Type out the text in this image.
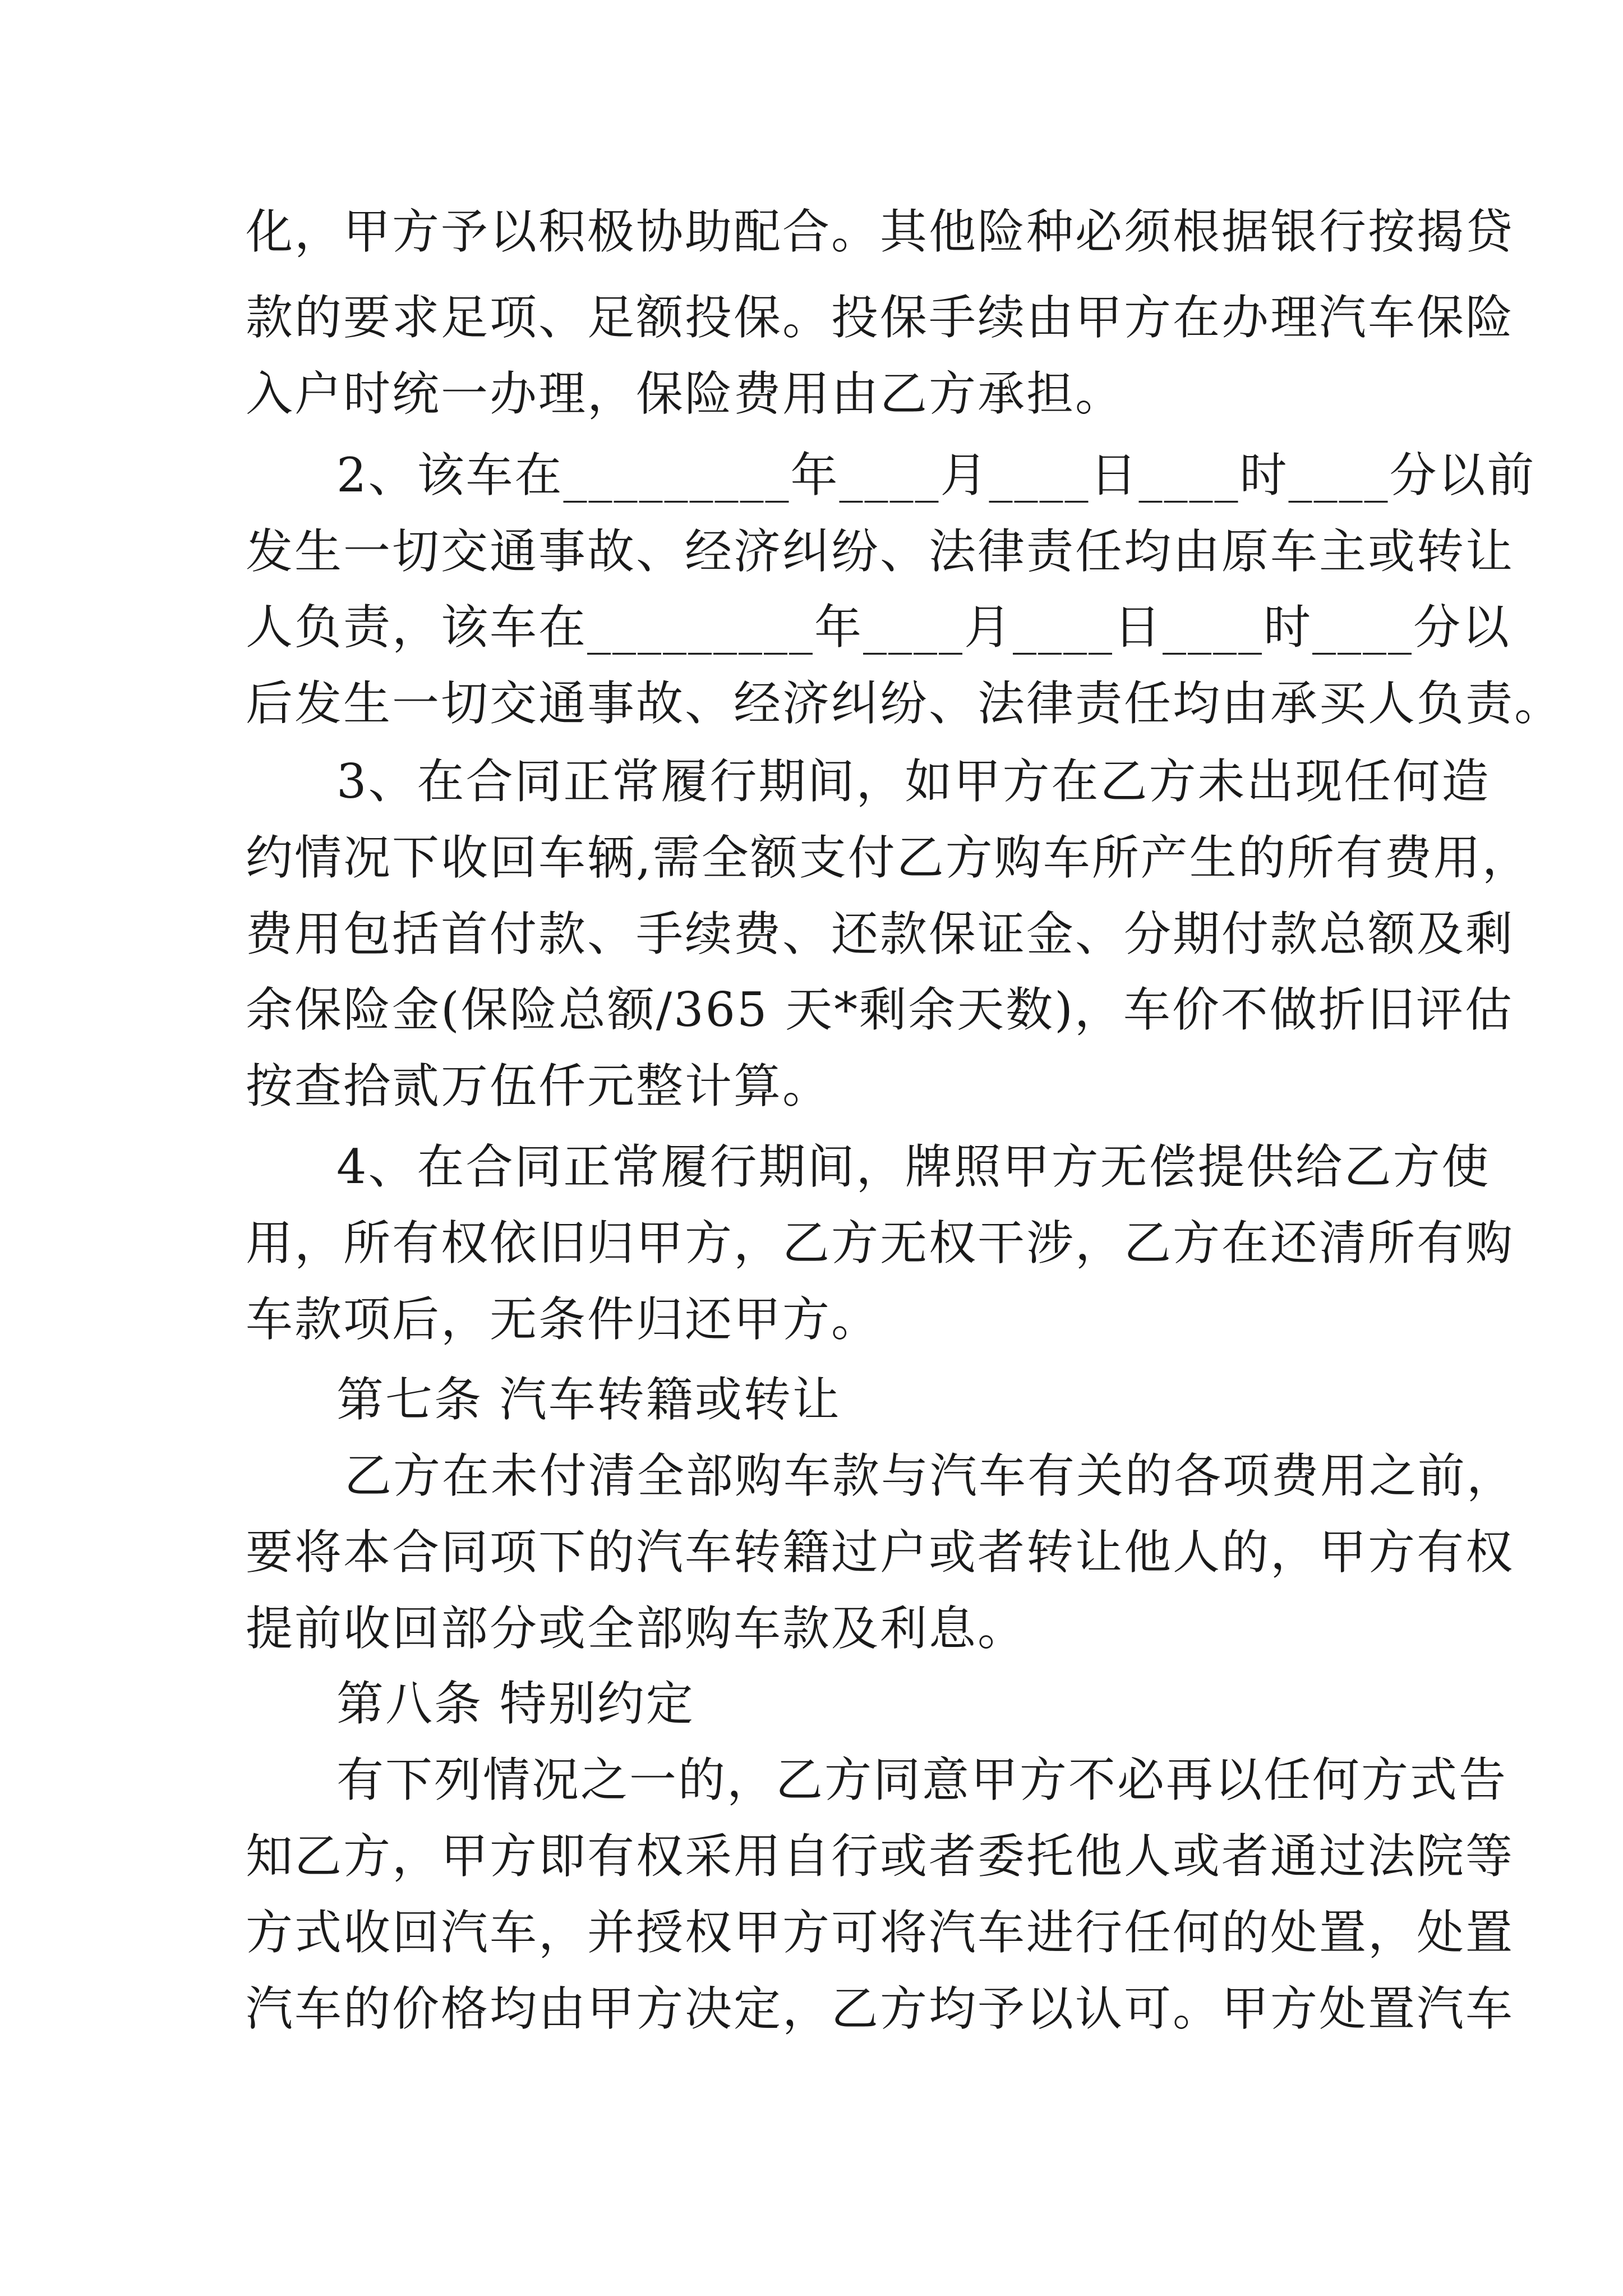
化，甲方予以积极协助配合。其他险种必须根据银行按揭贷

款的要求足项、足额投保。投保手续由甲方在办理汽车保险

入户时统一办理，保险费用由乙方承担。

2、该车在_________年____月____日____时____分以前

发生一切交通事故、经济纠纷、法律责任均由原车主或转让

人负责，该车在_________年____月____日____时____分以

后发生一切交通事故、经济纠纷、法律责任均由承买人负责。

3、在合同正常履行期间，如甲方在乙方未出现任何造

约情况下收回车辆,需全额支付乙方购车所产生的所有费用，

费用包括首付款、手续费、还款保证金、分期付款总额及剩

余保险金(保险总额/365 天*剩余天数)，车价不做折旧评估

按查拾贰万伍仟元整计算。

4、在合同正常履行期间，牌照甲方无偿提供给乙方使

用，所有权依旧归甲方，乙方无权干涉，乙方在还清所有购

车款项后，无条件归还甲方。

第七条 汽车转籍或转让

乙方在未付清全部购车款与汽车有关的各项费用之前，

要将本合同项下的汽车转籍过户或者转让他人的，甲方有权

提前收回部分或全部购车款及利息。

第八条 特别约定

有下列情况之一的，乙方同意甲方不必再以任何方式告

知乙方，甲方即有权采用自行或者委托他人或者通过法院等

方式收回汽车，并授权甲方可将汽车进行任何的处置，处置

汽车的价格均由甲方决定，乙方均予以认可。甲方处置汽车
